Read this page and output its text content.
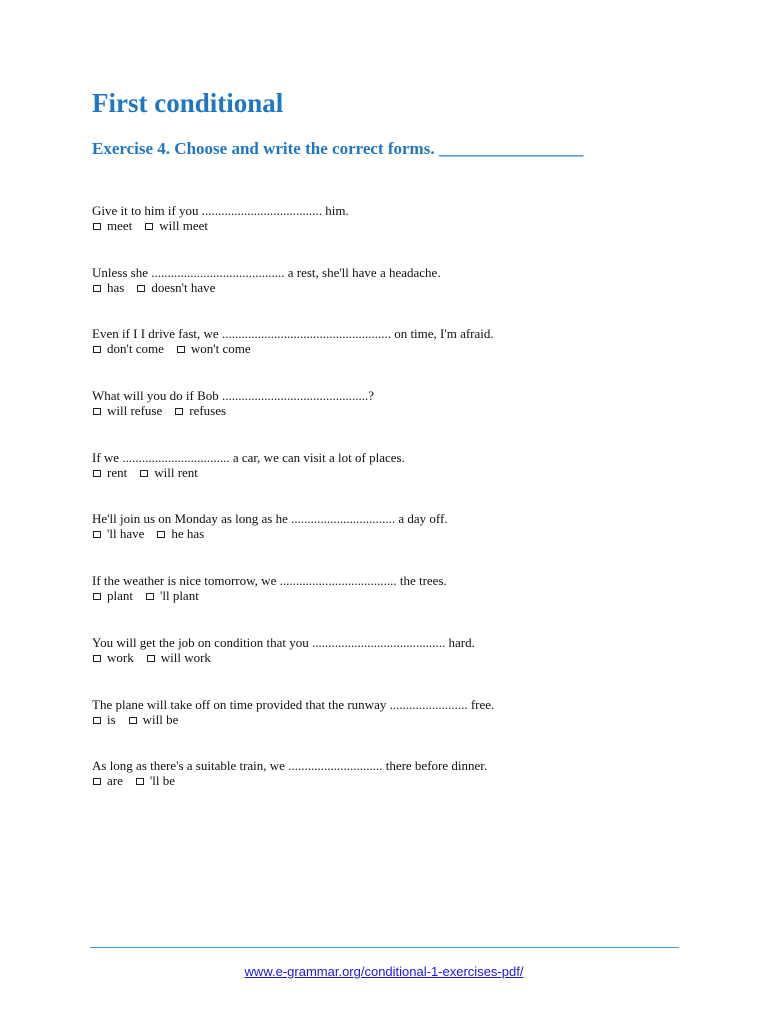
First conditional
Exercise 4. Choose and write the correct forms. _________________
Give it to him if you ..................................... him.
meet will meet
Unless she ......................................... a rest, she'll have a headache.
has doesn't have
Even if I I drive fast, we .................................................... on time, I'm afraid.
don't come won't come
What will you do if Bob .............................................?
will refuse refuses
If we ................................. a car, we can visit a lot of places.
rent will rent
He'll join us on Monday as long as he ................................ a day off.
'll have he has
If the weather is nice tomorrow, we .................................... the trees.
plant 'll plant
You will get the job on condition that you ......................................... hard.
work will work
The plane will take off on time provided that the runway ........................ free.
is will be
As long as there's a suitable train, we ............................. there before dinner.
are 'll be
www.e-grammar.org/conditional-1-exercises-pdf/
